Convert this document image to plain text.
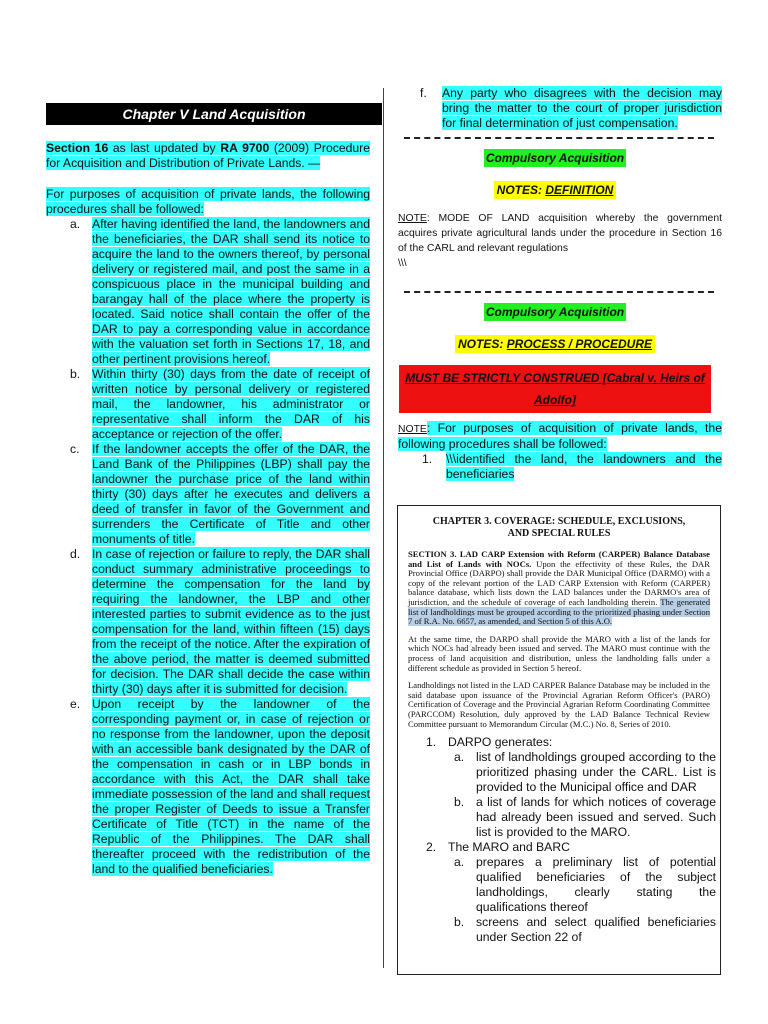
Chapter V Land Acquisition
Section 16 as last updated by RA 9700 (2009) Procedure for Acquisition and Distribution of Private Lands. —
For purposes of acquisition of private lands, the following procedures shall be followed:
a. After having identified the land, the landowners and the beneficiaries, the DAR shall send its notice to acquire the land to the owners thereof, by personal delivery or registered mail, and post the same in a conspicuous place in the municipal building and barangay hall of the place where the property is located. Said notice shall contain the offer of the DAR to pay a corresponding value in accordance with the valuation set forth in Sections 17, 18, and other pertinent provisions hereof.
b. Within thirty (30) days from the date of receipt of written notice by personal delivery or registered mail, the landowner, his administrator or representative shall inform the DAR of his acceptance or rejection of the offer.
c. If the landowner accepts the offer of the DAR, the Land Bank of the Philippines (LBP) shall pay the landowner the purchase price of the land within thirty (30) days after he executes and delivers a deed of transfer in favor of the Government and surrenders the Certificate of Title and other monuments of title.
d. In case of rejection or failure to reply, the DAR shall conduct summary administrative proceedings to determine the compensation for the land by requiring the landowner, the LBP and other interested parties to submit evidence as to the just compensation for the land, within fifteen (15) days from the receipt of the notice. After the expiration of the above period, the matter is deemed submitted for decision. The DAR shall decide the case within thirty (30) days after it is submitted for decision.
e. Upon receipt by the landowner of the corresponding payment or, in case of rejection or no response from the landowner, upon the deposit with an accessible bank designated by the DAR of the compensation in cash or in LBP bonds in accordance with this Act, the DAR shall take immediate possession of the land and shall request the proper Register of Deeds to issue a Transfer Certificate of Title (TCT) in the name of the Republic of the Philippines. The DAR shall thereafter proceed with the redistribution of the land to the qualified beneficiaries.
f. Any party who disagrees with the decision may bring the matter to the court of proper jurisdiction for final determination of just compensation.
Compulsory Acquisition
NOTES: DEFINITION
NOTE: MODE OF LAND acquisition whereby the government acquires private agricultural lands under the procedure in Section 16 of the CARL and relevant regulations
\\\
Compulsory Acquisition
NOTES: PROCESS / PROCEDURE
MUST BE STRICTLY CONSTRUED [Cabral v. Heirs of
Adolfo]
NOTE: For purposes of acquisition of private lands, the following procedures shall be followed:
1. \\\identified the land, the landowners and the beneficiaries
CHAPTER 3. COVERAGE: SCHEDULE, EXCLUSIONS,
AND SPECIAL RULES
SECTION 3. LAD CARP Extension with Reform (CARPER) Balance Database and List of Lands with NOCs. Upon the effectivity of these Rules, the DAR Provincial Office (DARPO) shall provide the DAR Municipal Office (DARMO) with a copy of the relevant portion of the LAD CARP Extension with Reform (CARPER) balance database, which lists down the LAD balances under the DARMO's area of jurisdiction, and the schedule of coverage of each landholding therein. The generated list of landholdings must be grouped according to the prioritized phasing under Section 7 of R.A. No. 6657, as amended, and Section 5 of this A.O.
At the same time, the DARPO shall provide the MARO with a list of the lands for which NOCs had already been issued and served. The MARO must continue with the process of land acquisition and distribution, unless the landholding falls under a different schedule as provided in Section 5 hereof.
Landholdings not listed in the LAD CARPER Balance Database may be included in the said database upon issuance of the Provincial Agrarian Reform Officer's (PARO) Certification of Coverage and the Provincial Agrarian Reform Coordinating Committee (PARCCOM) Resolution, duly approved by the LAD Balance Technical Review Committee pursuant to Memorandum Circular (M.C.) No. 8, Series of 2010.
1. DARPO generates:
a. list of landholdings grouped according to the prioritized phasing under the CARL. List is provided to the Municipal office and DAR
b. a list of lands for which notices of coverage had already been issued and served. Such list is provided to the MARO.
2. The MARO and BARC
a. prepares a preliminary list of potential qualified beneficiaries of the subject landholdings, clearly stating the qualifications thereof
b. screens and select qualified beneficiaries under Section 22 of
